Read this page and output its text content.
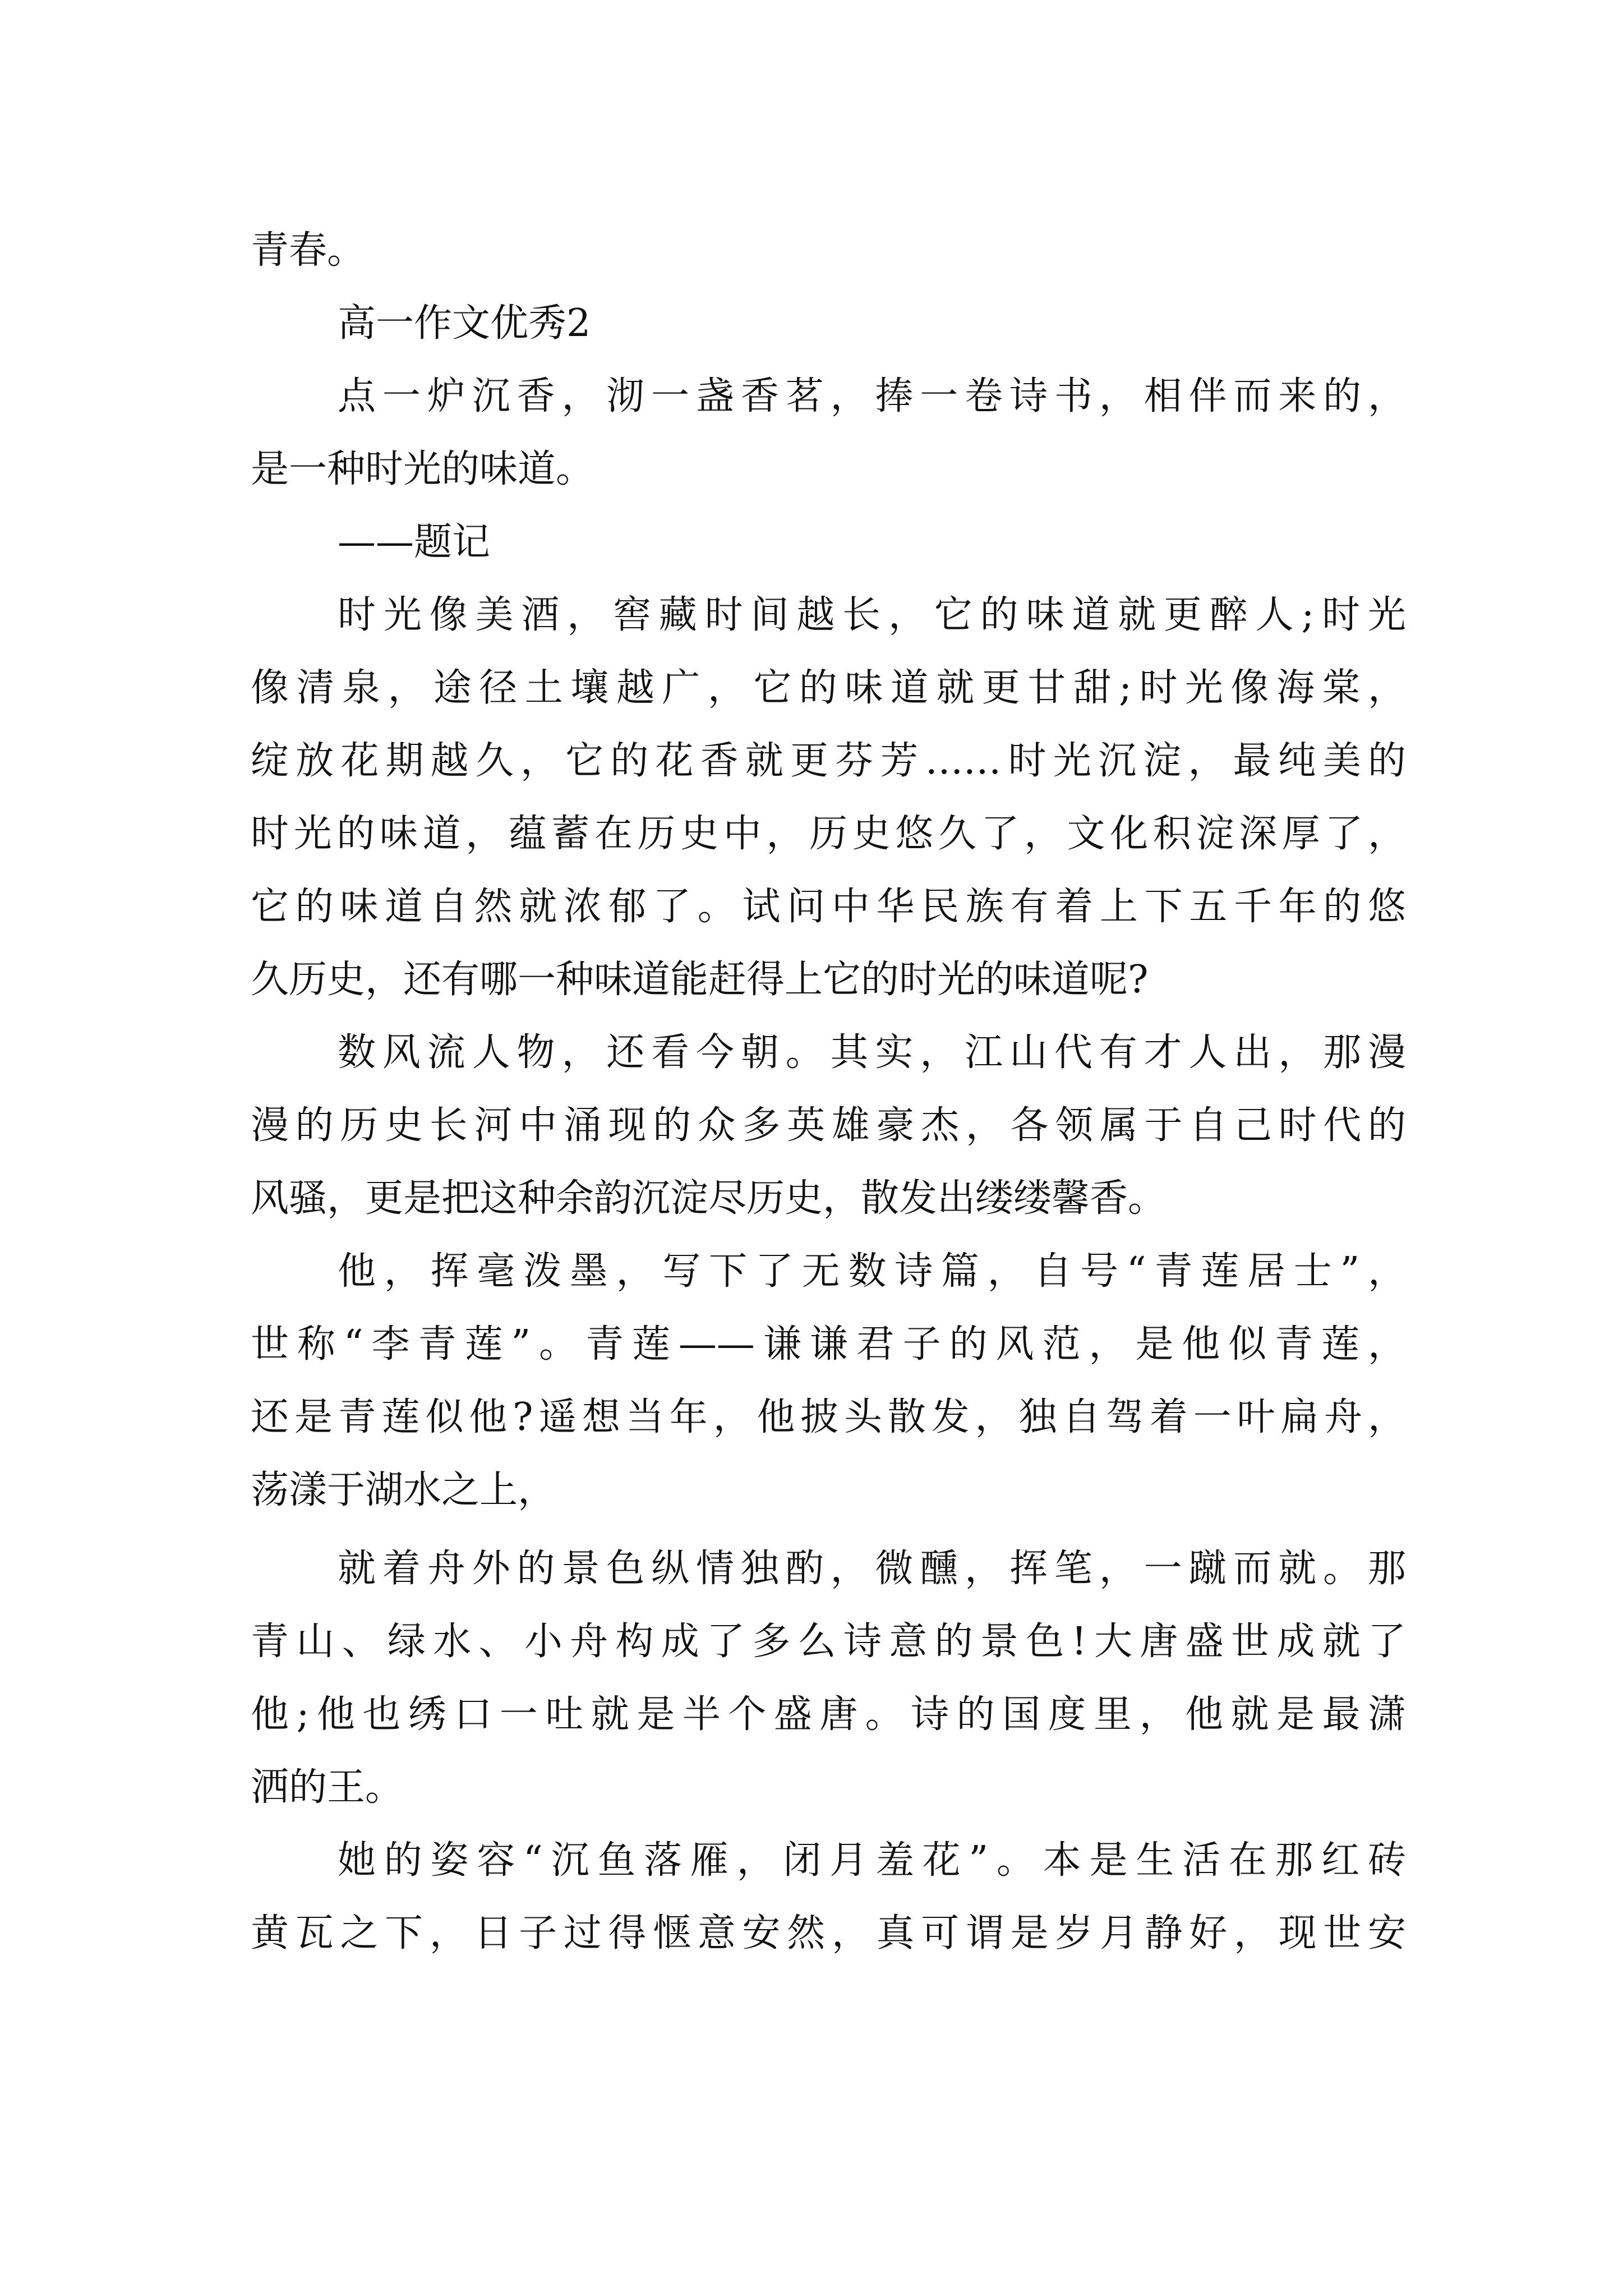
青春。
高一作文优秀2
点一炉沉香，沏一盏香茗，捧一卷诗书，相伴而来的，
是一种时光的味道。
——题记
时光像美酒，窖藏时间越长，它的味道就更醉人;时光
像清泉，途径土壤越广，它的味道就更甘甜;时光像海棠，
绽放花期越久，它的花香就更芬芳……时光沉淀，最纯美的
时光的味道，蕴蓄在历史中，历史悠久了，文化积淀深厚了，
它的味道自然就浓郁了。试问中华民族有着上下五千年的悠
久历史，还有哪一种味道能赶得上它的时光的味道呢?
数风流人物，还看今朝。其实，江山代有才人出，那漫
漫的历史长河中涌现的众多英雄豪杰，各领属于自己时代的
风骚，更是把这种余韵沉淀尽历史，散发出缕缕馨香。
他，挥毫泼墨，写下了无数诗篇，自号“青莲居士”，
世称“李青莲”。青莲——谦谦君子的风范，是他似青莲，
还是青莲似他?遥想当年，他披头散发，独自驾着一叶扁舟，
荡漾于湖水之上，
就着舟外的景色纵情独酌，微醺，挥笔，一蹴而就。那
青山、绿水、小舟构成了多么诗意的景色!大唐盛世成就了
他;他也绣口一吐就是半个盛唐。诗的国度里，他就是最潇
洒的王。
她的姿容“沉鱼落雁，闭月羞花”。本是生活在那红砖
黄瓦之下，日子过得惬意安然，真可谓是岁月静好，现世安
